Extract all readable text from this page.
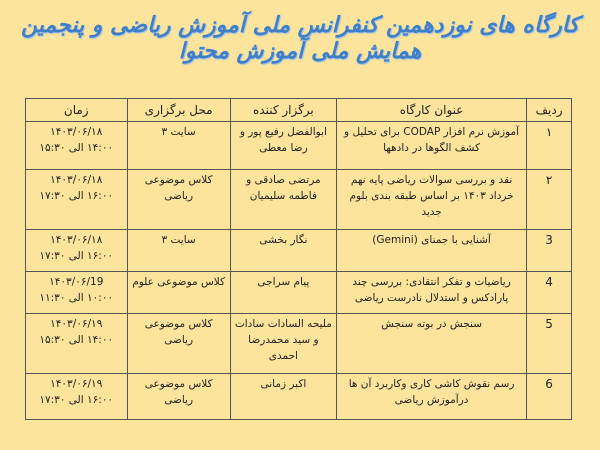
کارگاه های نوزدهمین کنفرانس ملی آموزش ریاضی و پنجمین همایش ملی آموزش محتوا
ردیف	عنوان کارگاه	برگزار کننده	محل برگزاری	زمان
۱	آموزش نرم افزار CODAP برای تحلیل و کشف الگوها در دادهها	ابوالفضل رفیع پور و رضا معطی	سایت ۳	۱۴۰۳/۰۶/۱۸
۱۴:۰۰ الی ۱۵:۳۰

۲	نقد و بررسی سوالات ریاضی پایه نهم خرداد ۱۴۰۳ بر اساس طبقه بندی بلوم جدید	مرتضی صادقی و فاطمه سلیمیان	کلاس موضوعی ریاضی	۱۴۰۳/۰۶/۱۸
۱۶:۰۰ الی ۱۷:۳۰

3	آشنایی با جمنای (Gemini)	نگار بخشی	سایت ۳	۱۴۰۳/۰۶/۱۸
۱۶:۰۰ الی ۱۷:۳۰

4	ریاضیات و تفکر انتقادی: بررسی چند پارادکس و استدلال نادرست ریاضی	پیام سراجی	کلاس موضوعی علوم	۱۴۰۳/۰۶/19
۱۰:۰۰ الی ۱۱:۳۰

5	سنجش در بوته سنجش	ملیحه السادات سادات و سید محمدرضا احمدی	کلاس موضوعی ریاضی	۱۴۰۳/۰۶/۱۹
۱۴:۰۰ الی ۱۵:۳۰

6	رسم نقوش کاشی کاری وکاربرد آن ها درآموزش ریاضی	اکبر زمانی	کلاس موضوعی ریاضی	۱۴۰۳/۰۶/۱۹
۱۶:۰۰ الی ۱۷:۳۰
